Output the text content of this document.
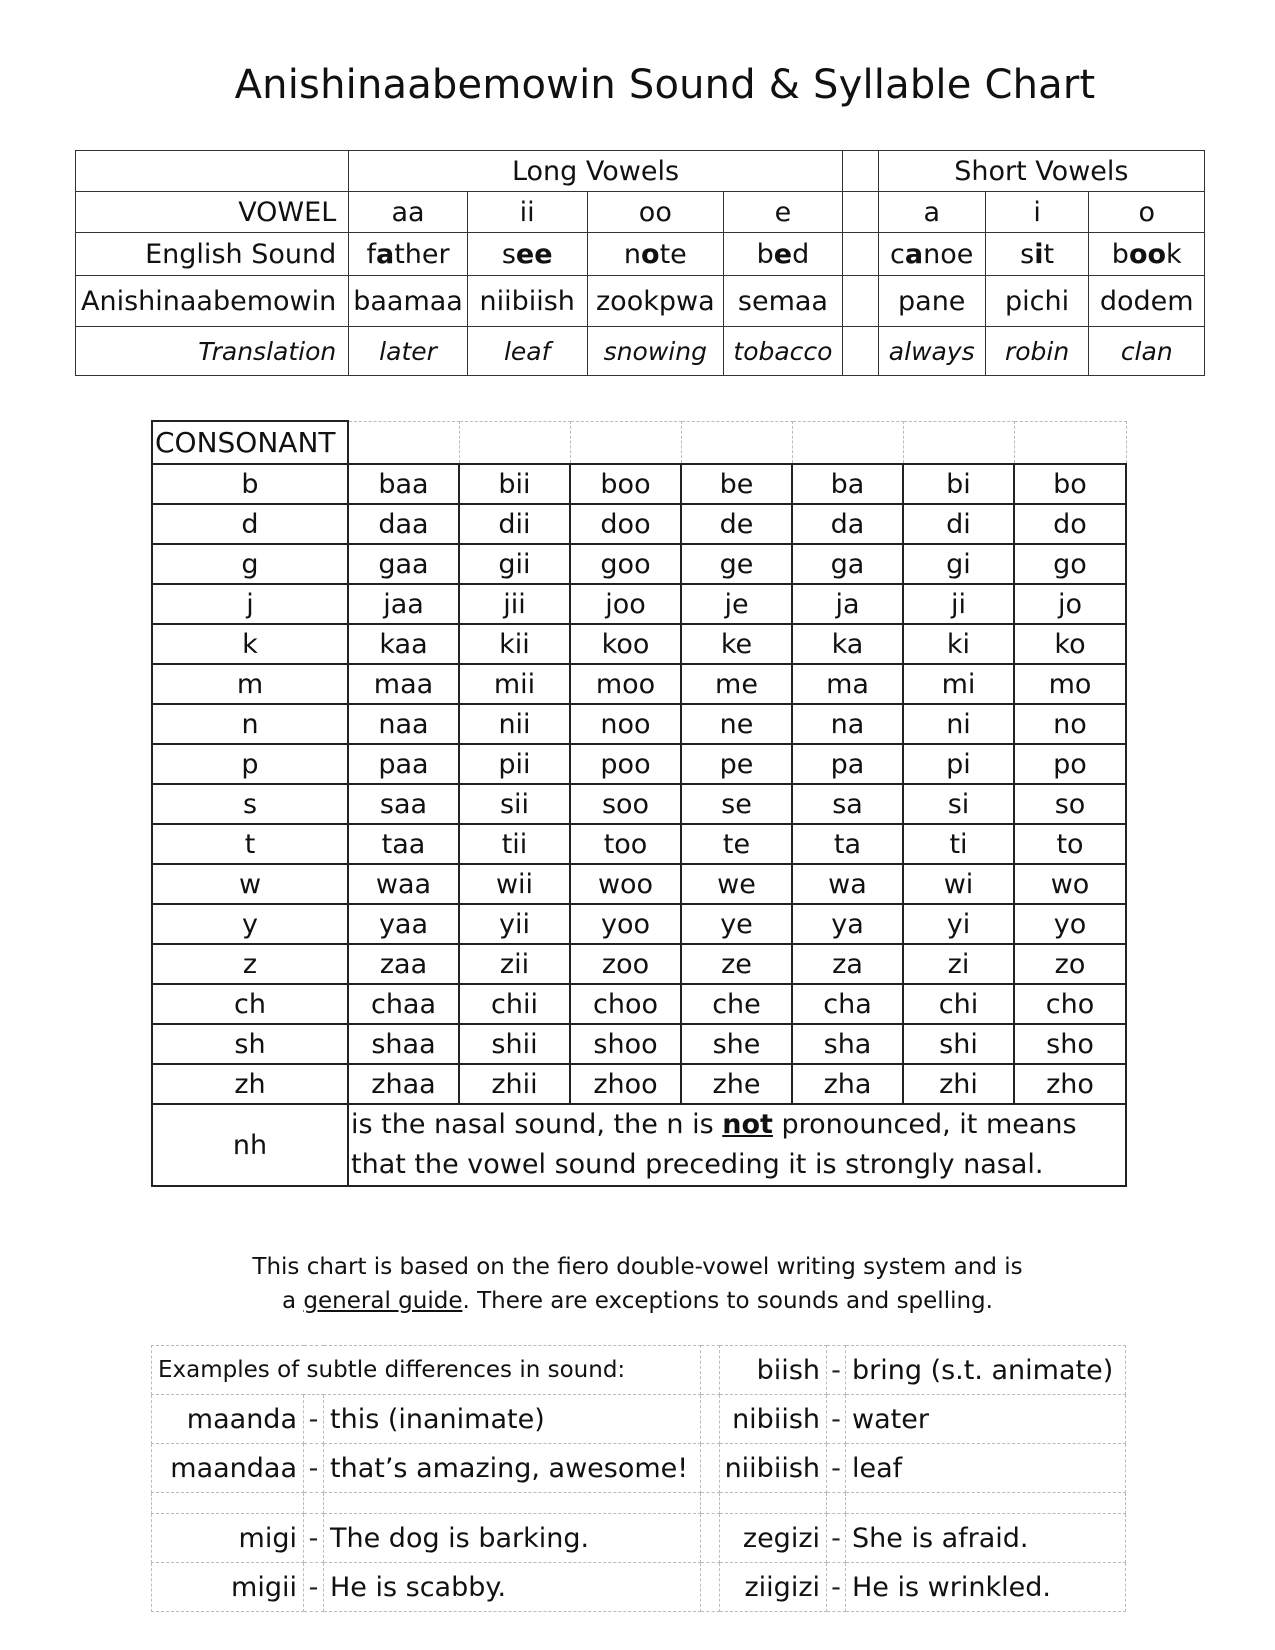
Anishinaabemowin Sound & Syllable Chart
	Long Vowels					Short Vowels		
VOWEL	aa	ii	oo	e		a	i	o
English Sound	father	see	note	bed		canoe	sit	book
Anishinaabemowin	baamaa	niibiish	zookpwa	semaa		pane	pichi	dodem
Translation	later	leaf	snowing	tobacco		always	robin	clan
CONSONANT							
b	baa	bii	boo	be	ba	bi	bo
d	daa	dii	doo	de	da	di	do
g	gaa	gii	goo	ge	ga	gi	go
j	jaa	jii	joo	je	ja	ji	jo
k	kaa	kii	koo	ke	ka	ki	ko
m	maa	mii	moo	me	ma	mi	mo
n	naa	nii	noo	ne	na	ni	no
p	paa	pii	poo	pe	pa	pi	po
s	saa	sii	soo	se	sa	si	so
t	taa	tii	too	te	ta	ti	to
w	waa	wii	woo	we	wa	wi	wo
y	yaa	yii	yoo	ye	ya	yi	yo
z	zaa	zii	zoo	ze	za	zi	zo
ch	chaa	chii	choo	che	cha	chi	cho
sh	shaa	shii	shoo	she	sha	shi	sho
zh	zhaa	zhii	zhoo	zhe	zha	zhi	zho
nh	is the nasal sound, the n is not pronounced, it means that the vowel sound preceding it is strongly nasal.						
This chart is based on the fiero double-vowel writing system and is
a general guide. There are exceptions to sounds and spelling.
Examples of subtle differences in sound:				biish	-	bring (s.t. animate)
maanda	-	this (inanimate)		nibiish	-	water
maandaa	-	that’s amazing, awesome!		niibiish	-	leaf

migi	-	The dog is barking.		zegizi	-	She is afraid.
migii	-	He is scabby.		ziigizi	-	He is wrinkled.
